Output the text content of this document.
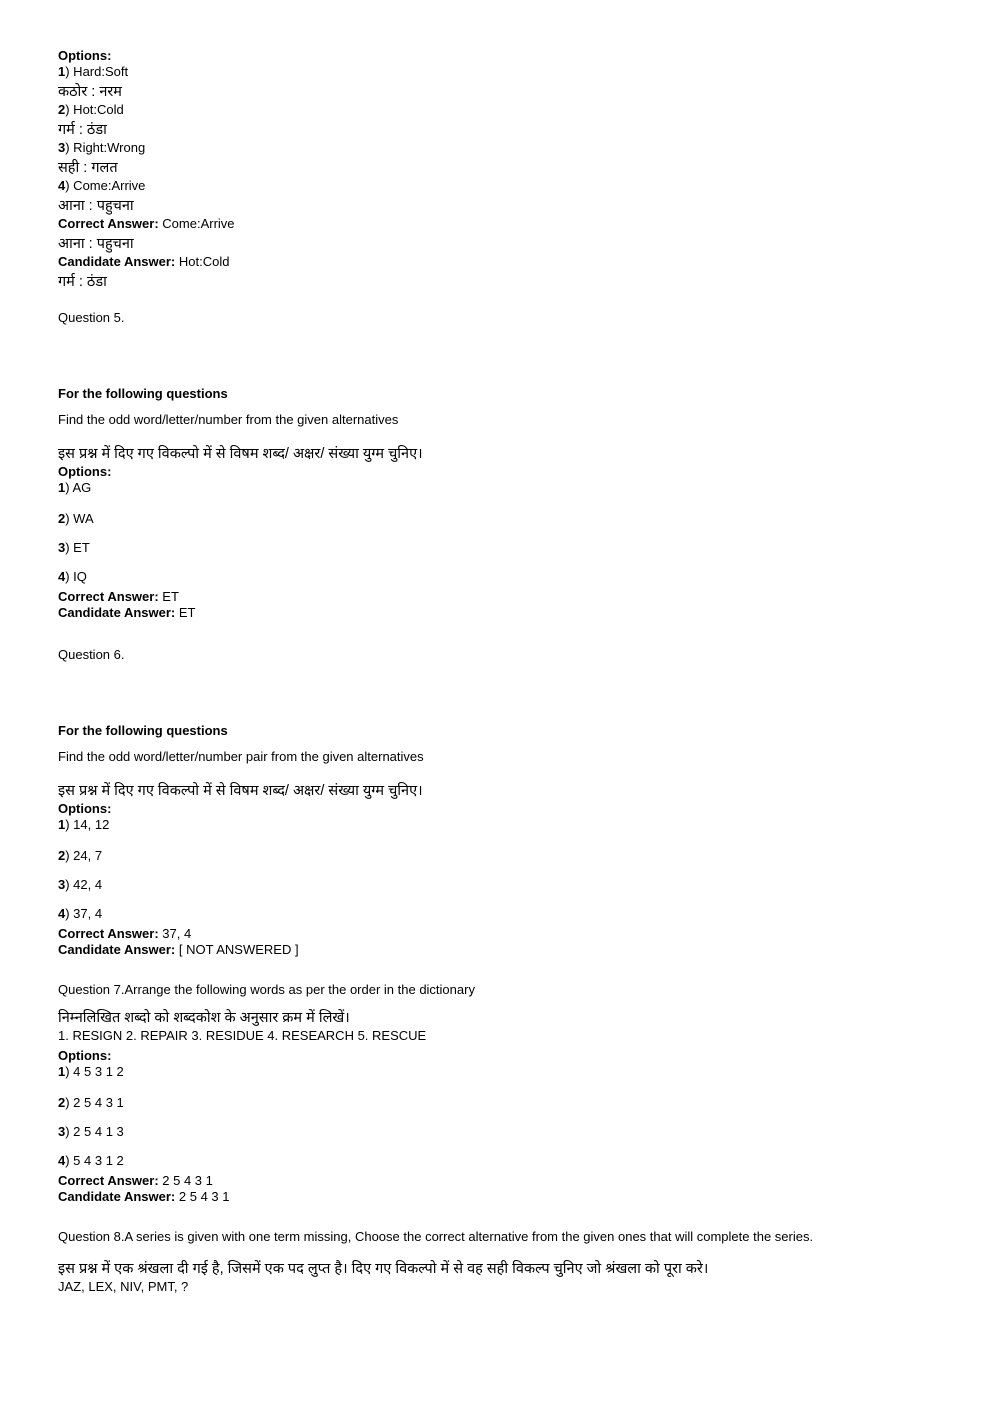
Options:
1) Hard:Soft
कठोर : नरम
2) Hot:Cold
गर्म : ठंडा
3) Right:Wrong
सही : गलत
4) Come:Arrive
आना : पहुचना
Correct Answer: Come:Arrive
आना : पहुचना
Candidate Answer: Hot:Cold
गर्म : ठंडा
Question 5.
For the following questions
Find the odd word/letter/number from the given alternatives
इस प्रश्न में दिए गए विकल्पो में से विषम शब्द/ अक्षर/ संख्या युग्म चुनिए।
Options:
1) AG
2) WA
3) ET
4) IQ
Correct Answer: ET
Candidate Answer: ET
Question 6.
For the following questions
Find the odd word/letter/number pair from the given alternatives
इस प्रश्न में दिए गए विकल्पो में से विषम शब्द/ अक्षर/ संख्या युग्म चुनिए।
Options:
1) 14, 12
2) 24, 7
3) 42, 4
4) 37, 4
Correct Answer: 37, 4
Candidate Answer: [ NOT ANSWERED ]
Question 7.Arrange the following words as per the order in the dictionary
निम्नलिखित शब्दो को शब्दकोश के अनुसार क्रम में लिखें।
1. RESIGN 2. REPAIR 3. RESIDUE 4. RESEARCH 5. RESCUE
Options:
1) 4 5 3 1 2
2) 2 5 4 3 1
3) 2 5 4 1 3
4) 5 4 3 1 2
Correct Answer: 2 5 4 3 1
Candidate Answer: 2 5 4 3 1
Question 8.A series is given with one term missing, Choose the correct alternative from the given ones that will complete the series.
इस प्रश्न में एक श्रंखला दी गई है, जिसमें एक पद लुप्त है। दिए गए विकल्पो में से वह सही विकल्प चुनिए जो श्रंखला को पूरा करे।
JAZ, LEX, NIV, PMT, ?
